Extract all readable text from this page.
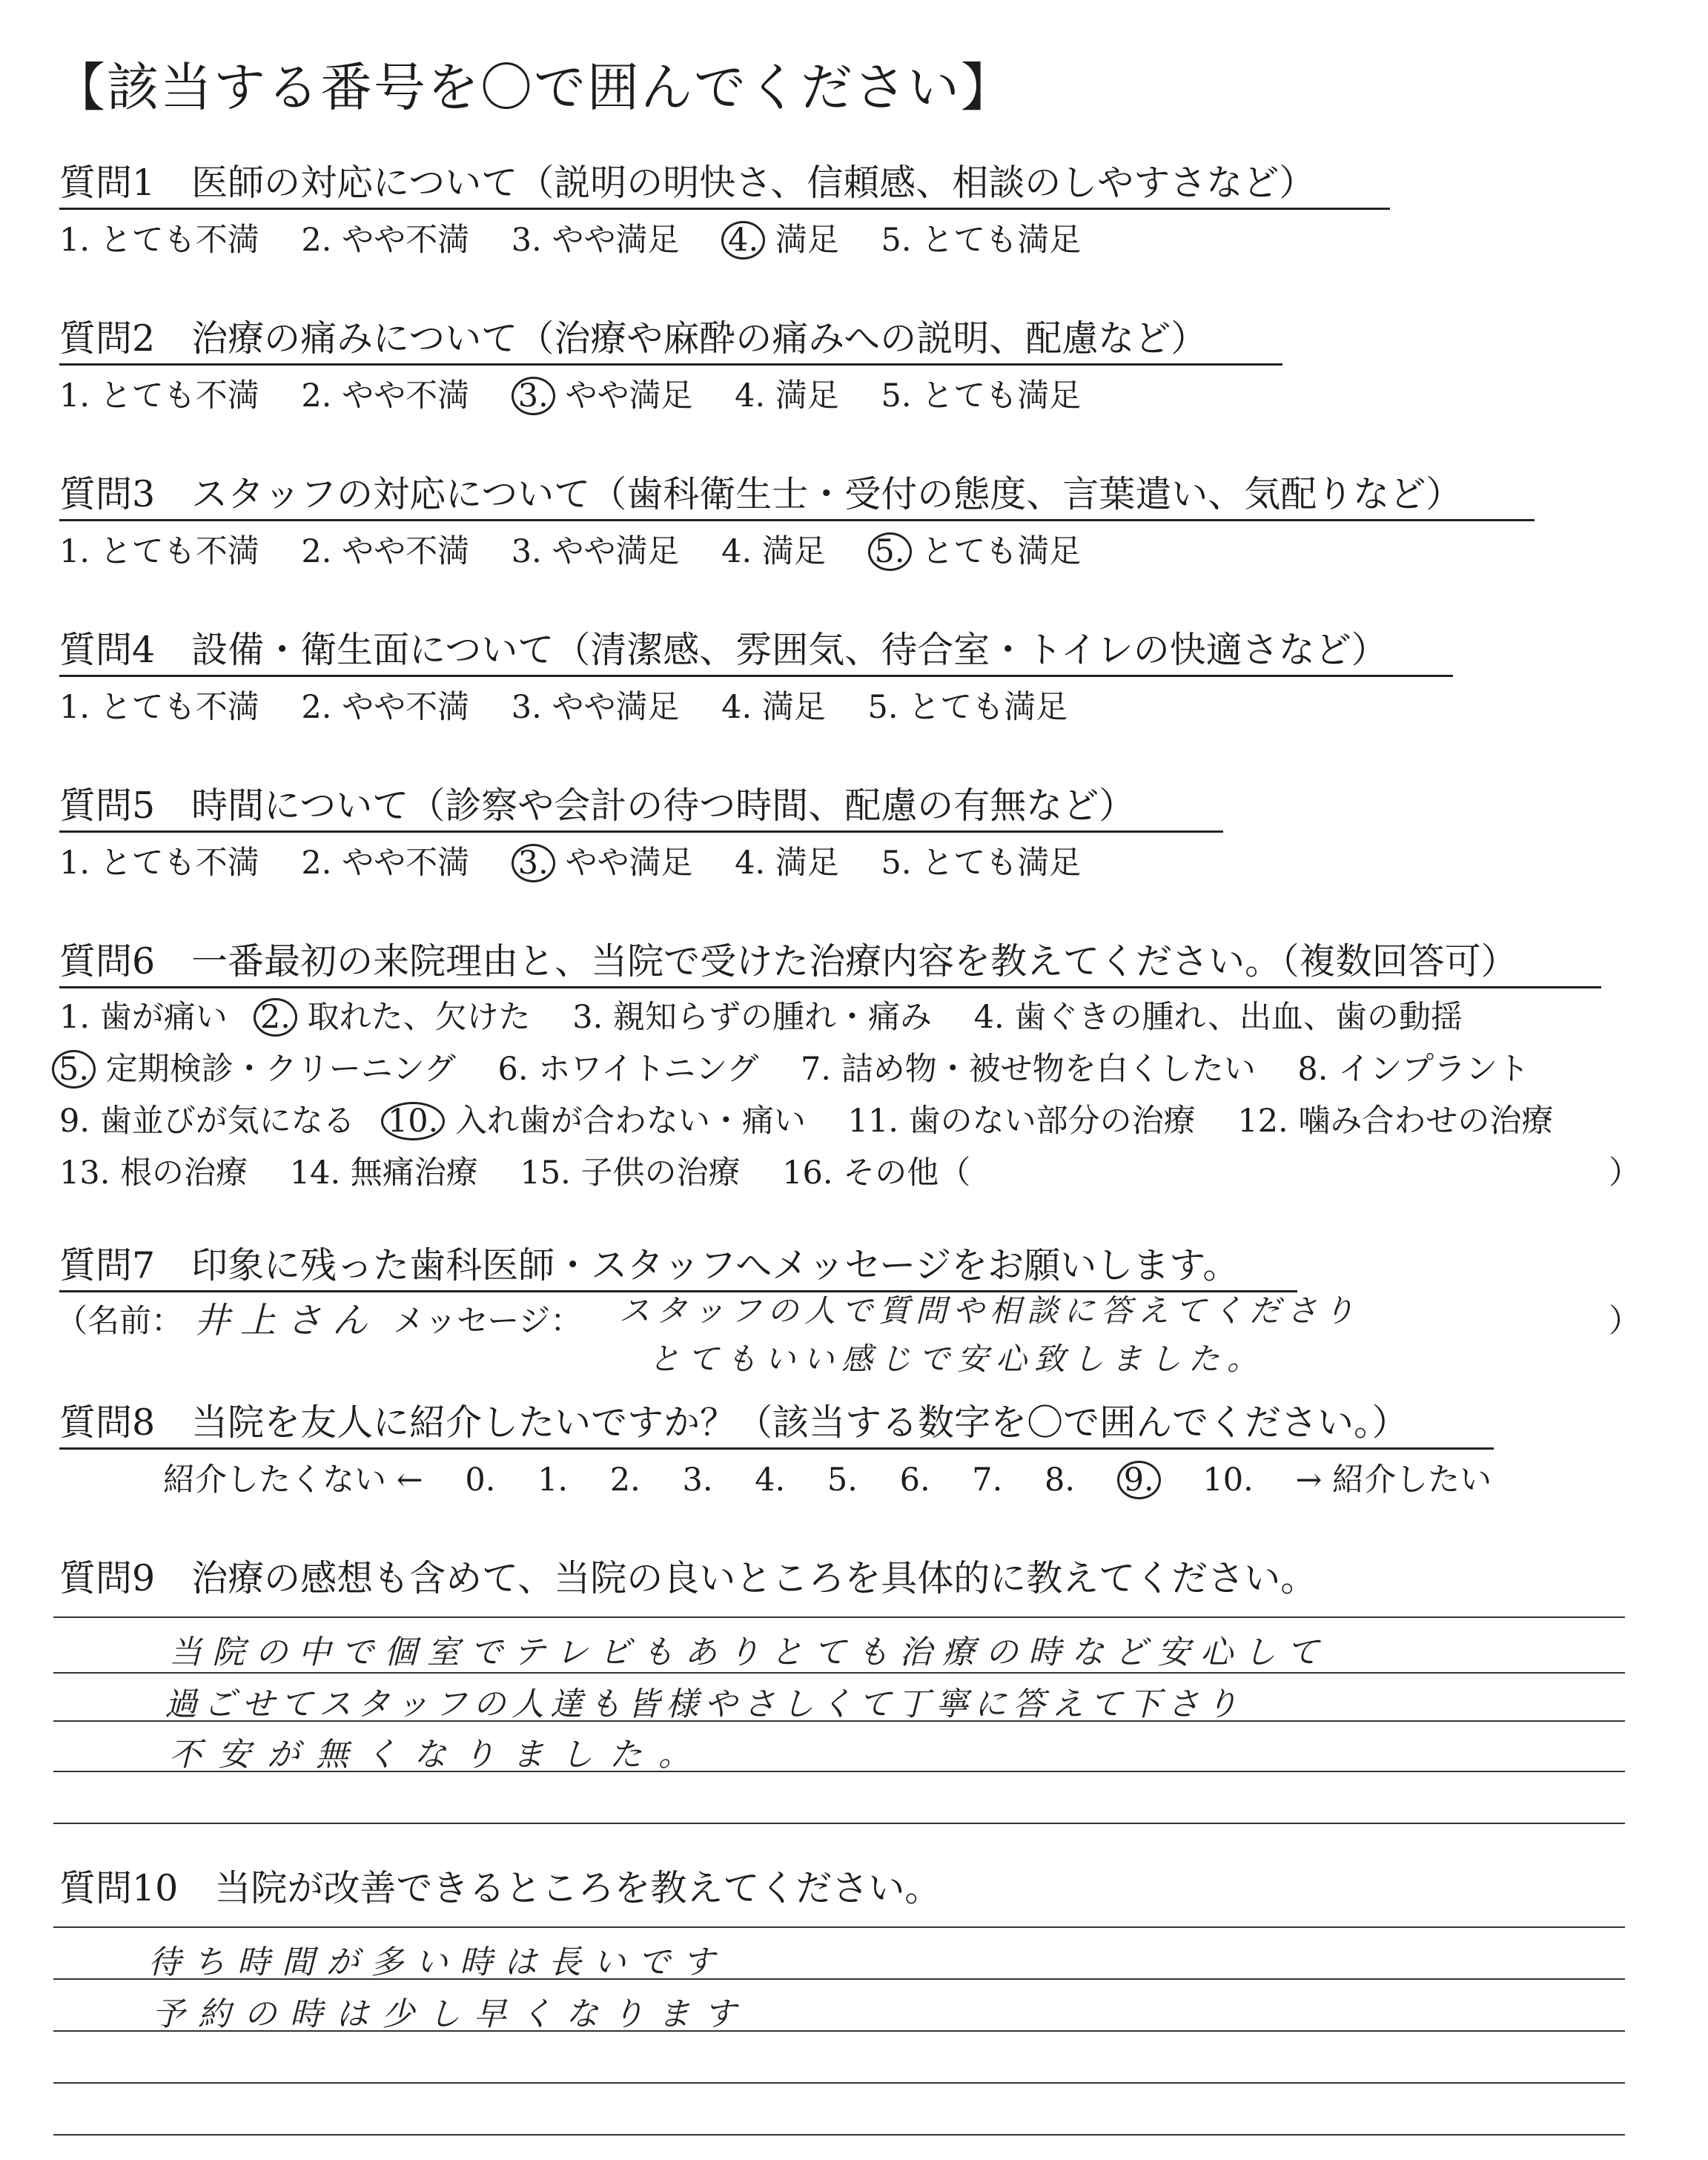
【該当する番号を〇で囲んでください】
質問1　医師の対応について（説明の明快さ、信頼感、相談のしやすさなど）
1. とても不満  2. やや不満  3. やや満足  4. 満足  5. とても満足
質問2　治療の痛みについて（治療や麻酔の痛みへの説明、配慮など）
1. とても不満  2. やや不満  3. やや満足  4. 満足  5. とても満足
質問3　スタッフの対応について（歯科衛生士・受付の態度、言葉遣い、気配りなど）
1. とても不満  2. やや不満  3. やや満足  4. 満足  5. とても満足
質問4　設備・衛生面について（清潔感、雰囲気、待合室・トイレの快適さなど）
1. とても不満  2. やや不満  3. やや満足  4. 満足  5. とても満足
質問5　時間について（診察や会計の待つ時間、配慮の有無など）
1. とても不満  2. やや不満  3. やや満足  4. 満足  5. とても満足
質問6　一番最初の来院理由と、当院で受けた治療内容を教えてください。（複数回答可）
1. 歯が痛い  2. 取れた、欠けた  3. 親知らずの腫れ・痛み  4. 歯ぐきの腫れ、出血、歯の動揺
5. 定期検診・クリーニング  6. ホワイトニング  7. 詰め物・被せ物を白くしたい  8. インプラント
9. 歯並びが気になる  10. 入れ歯が合わない・痛い  11. 歯のない部分の治療  12. 噛み合わせの治療
13. 根の治療  14. 無痛治療  15. 子供の治療  16. その他（	）
質問7　印象に残った歯科医師・スタッフへメッセージをお願いします。
（名前： 井上さん メッセージ： スタッフの人で質問や相談に答えてくださり
とてもいい感じで安心致しました。
）
質問8　当院を友人に紹介したいですか？（該当する数字を〇で囲んでください。）
紹介したくない ←  0.  1.  2.  3.  4.  5.  6.  7.  8.  9.  10.  → 紹介したい
質問9　治療の感想も含めて、当院の良いところを具体的に教えてください。
当院の中で個室でテレビもありとても治療の時など安心して
過ごせてスタッフの人達も皆様やさしくて丁寧に答えて下さり
不安が無くなりました。
質問10　当院が改善できるところを教えてください。
待ち時間が多い時は長いです
予約の時は少し早くなります
